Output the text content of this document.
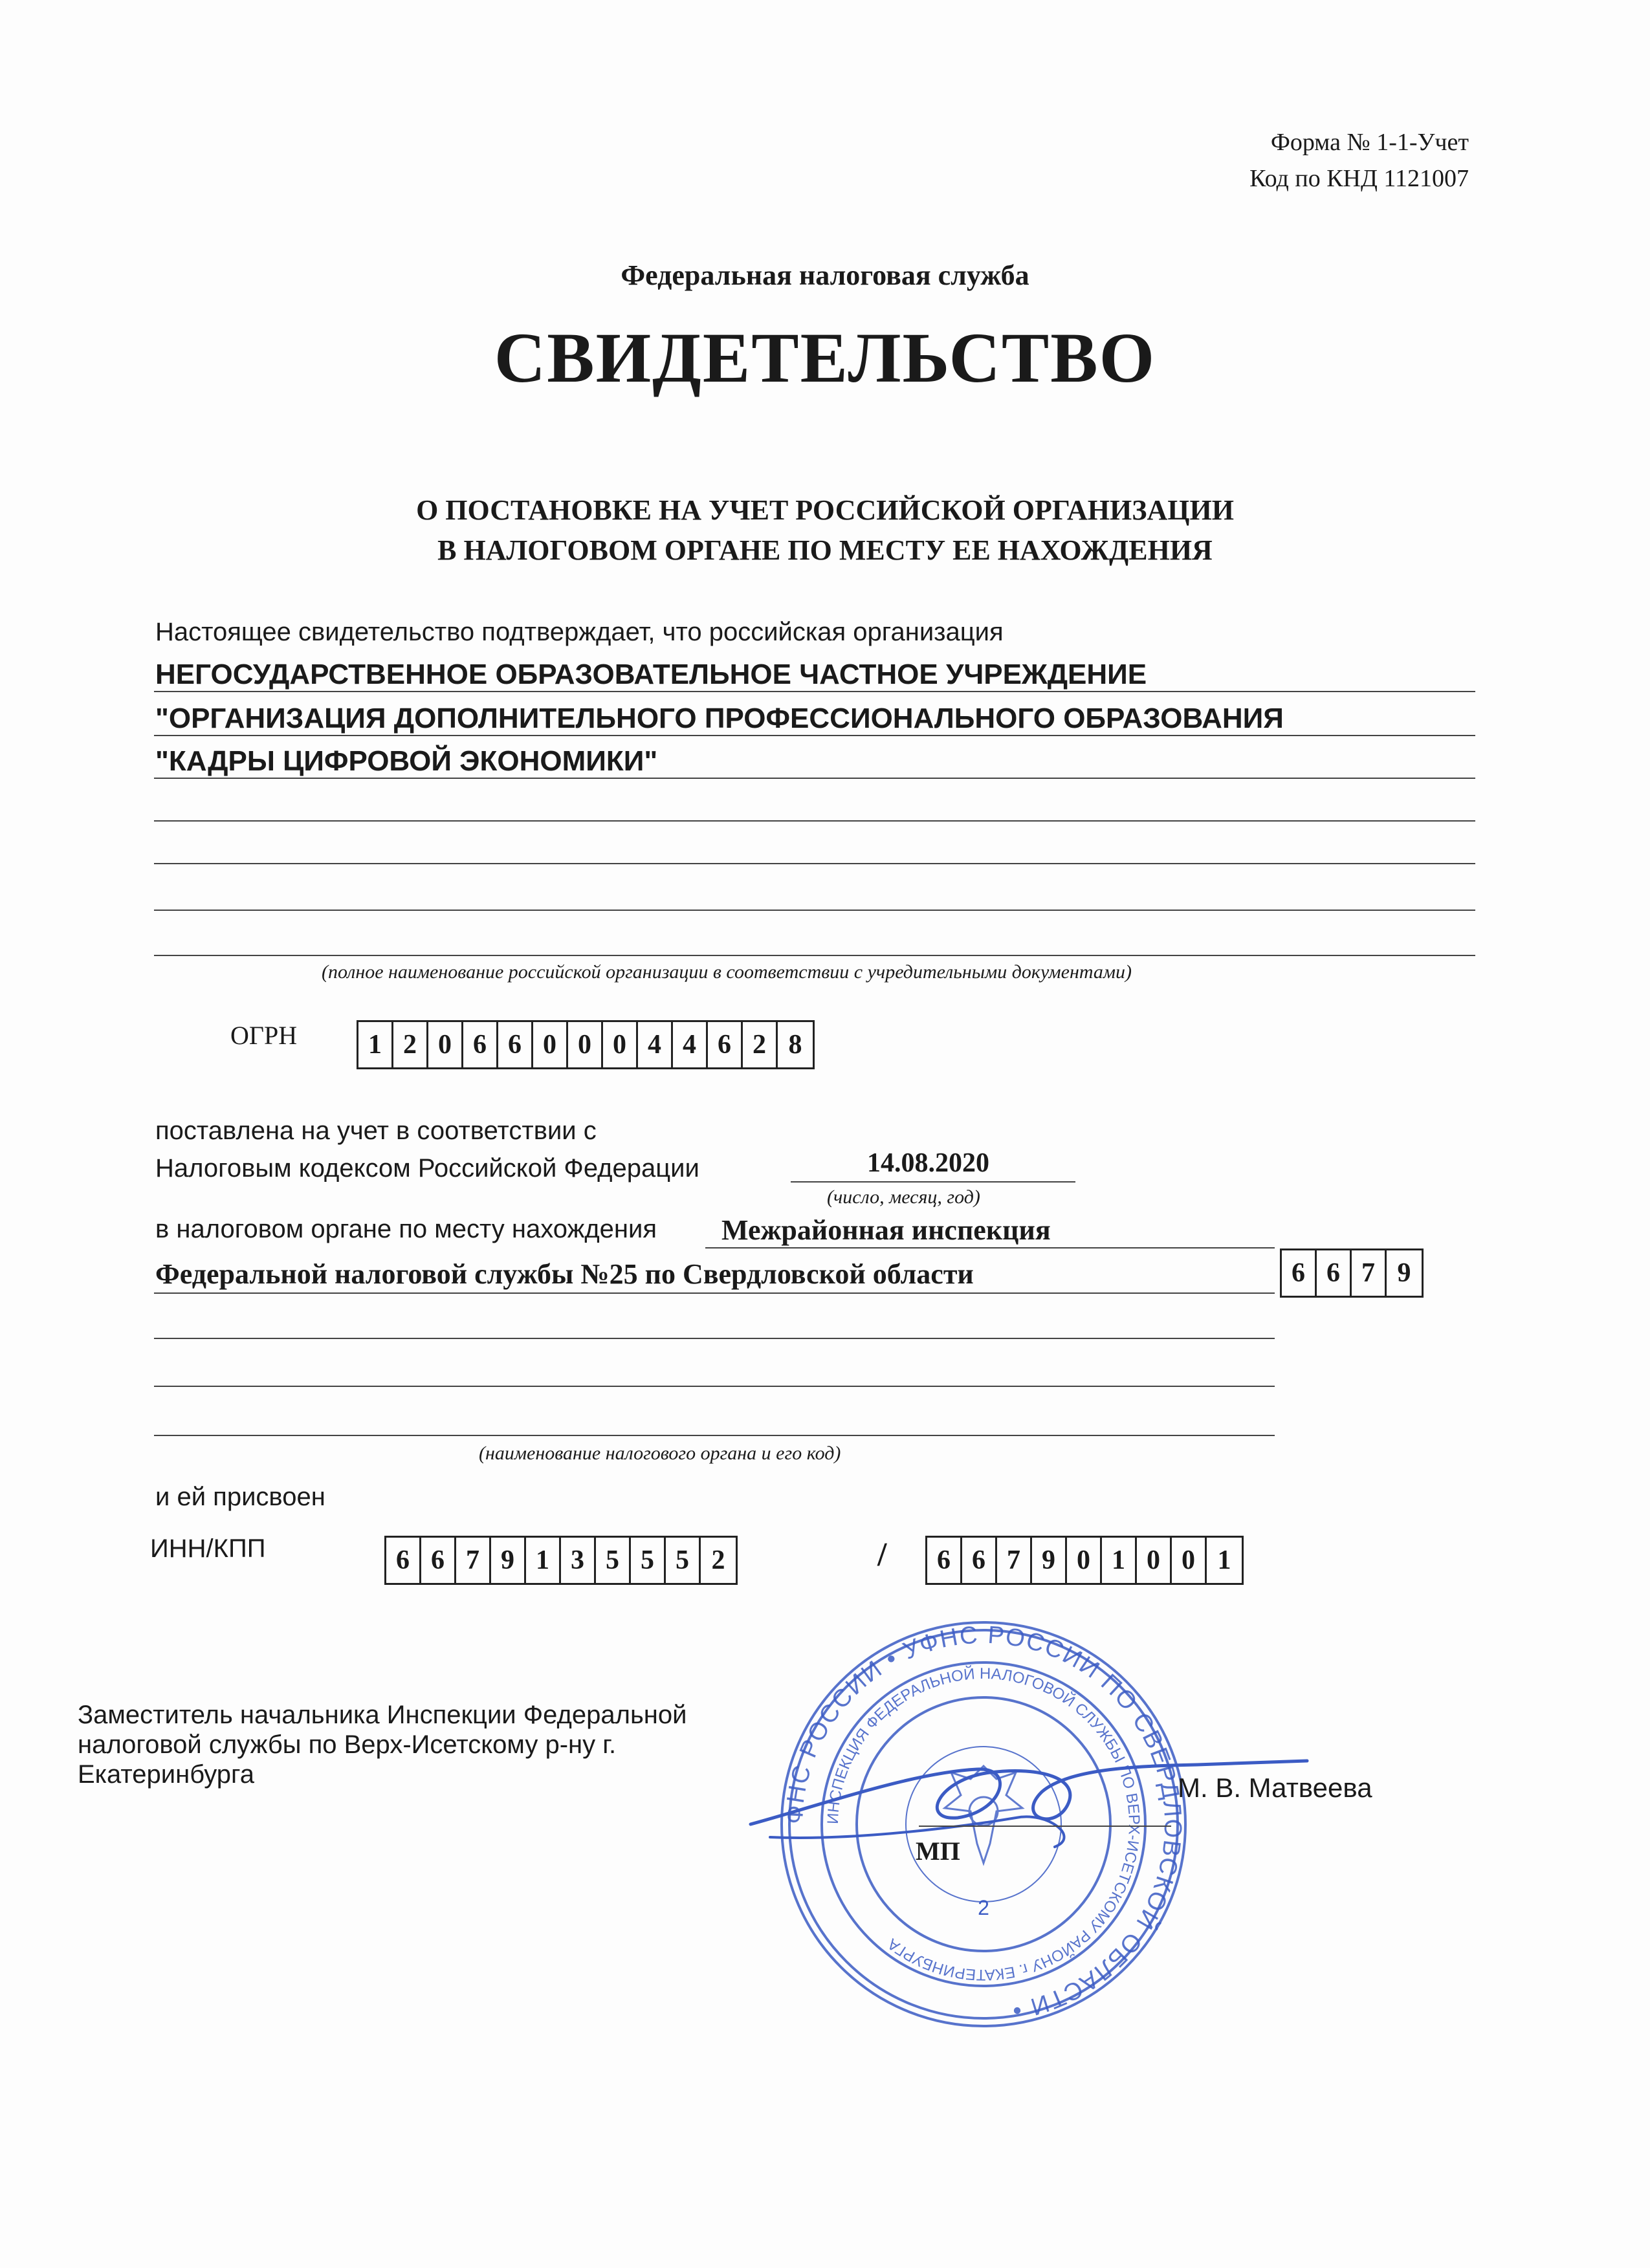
Форма № 1-1-Учет
Код по КНД 1121007
Федеральная налоговая служба
СВИДЕТЕЛЬСТВО
О ПОСТАНОВКЕ НА УЧЕТ РОССИЙСКОЙ ОРГАНИЗАЦИИ
В НАЛОГОВОМ ОРГАНЕ ПО МЕСТУ ЕЕ НАХОЖДЕНИЯ
Настоящее свидетельство подтверждает, что российская организация
НЕГОСУДАРСТВЕННОЕ ОБРАЗОВАТЕЛЬНОЕ ЧАСТНОЕ УЧРЕЖДЕНИЕ
"ОРГАНИЗАЦИЯ ДОПОЛНИТЕЛЬНОГО ПРОФЕССИОНАЛЬНОГО ОБРАЗОВАНИЯ
"КАДРЫ ЦИФРОВОЙ ЭКОНОМИКИ"
(полное наименование российской организации в соответствии с учредительными документами)
ОГРН	1 2 0 6 6 0 0 0 4 4 6 2 8
поставлена на учет в соответствии с
Налоговым кодексом Российской Федерации	14.08.2020
(число, месяц, год)
в налоговом органе по месту нахождения Межрайонная инспекция
Федеральной налоговой службы №25 по Свердловской области	6 6 7 9
(наименование налогового органа и его код)
и ей присвоен
ИНН/КПП	6 6 7 9 1 3 5 5 5 2	/	6 6 7 9 0 1 0 0 1
Заместитель начальника Инспекции Федеральной
налоговой службы по Верх-Исетскому р-ну г.
Екатеринбурга
ФНС РОССИИ • УФНС РОССИИ ПО СВЕРДЛОВСКОЙ ОБЛАСТИ •
ИНСПЕКЦИЯ ФЕДЕРАЛЬНОЙ НАЛОГОВОЙ СЛУЖБЫ ПО ВЕРХ-ИСЕТСКОМУ РАЙОНУ г. ЕКАТЕРИНБУРГА
2
МП
М. В. Матвеева
